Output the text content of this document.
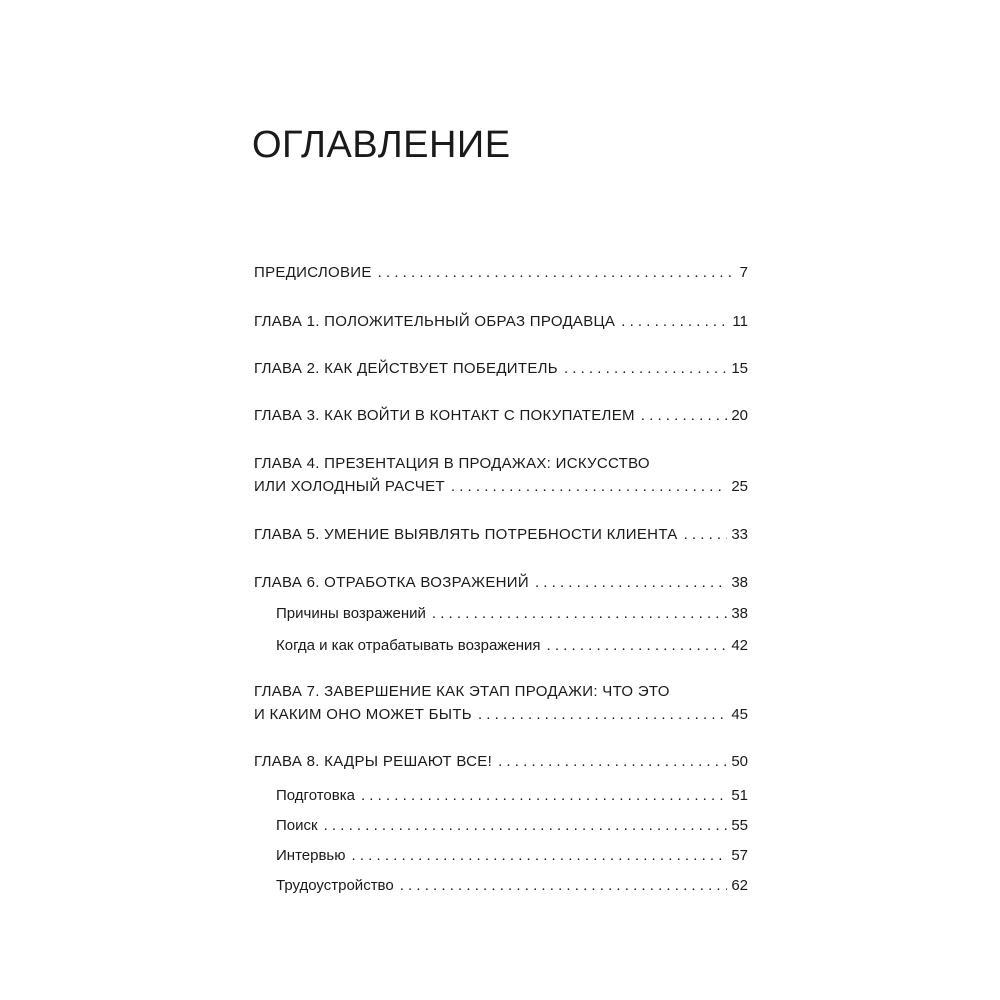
ОГЛАВЛЕНИЕ
ПРЕДИСЛОВИЕ . . .	7
ГЛАВА 1. ПОЛОЖИТЕЛЬНЫЙ ОБРАЗ ПРОДАВЦА . . .	11
ГЛАВА 2. КАК ДЕЙСТВУЕТ ПОБЕДИТЕЛЬ . . .	15
ГЛАВА 3. КАК ВОЙТИ В КОНТАКТ С ПОКУПАТЕЛЕМ . . .	20
ГЛАВА 4. ПРЕЗЕНТАЦИЯ В ПРОДАЖАХ: ИСКУССТВО
ИЛИ ХОЛОДНЫЙ РАСЧЕТ . . .	25
ГЛАВА 5. УМЕНИЕ ВЫЯВЛЯТЬ ПОТРЕБНОСТИ КЛИЕНТА . . .	33
ГЛАВА 6. ОТРАБОТКА ВОЗРАЖЕНИЙ . . .	38
Причины возражений . . .	38
Когда и как отрабатывать возражения . . .	42
ГЛАВА 7. ЗАВЕРШЕНИЕ КАК ЭТАП ПРОДАЖИ: ЧТО ЭТО
И КАКИМ ОНО МОЖЕТ БЫТЬ . . .	45
ГЛАВА 8. КАДРЫ РЕШАЮТ ВСЕ! . . .	50
Подготовка . . .	51
Поиск . . .	55
Интервью . . .	57
Трудоустройство . . .	62
